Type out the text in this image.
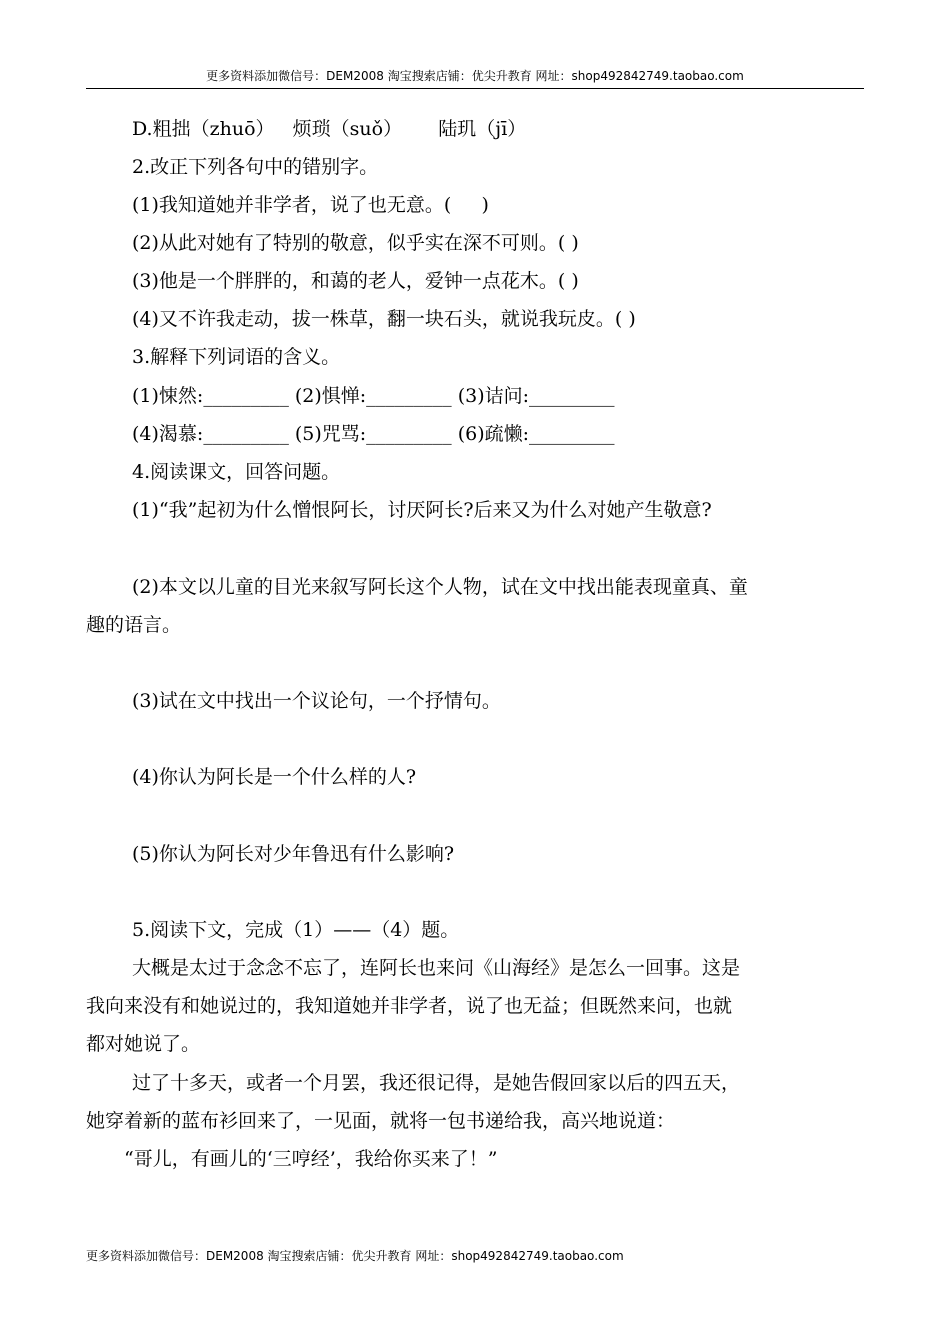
更多资料添加微信号：DEM2008 淘宝搜索店铺：优尖升教育 网址：shop492842749.taobao.com
D.粗拙（zhuō）   烦琐（suǒ）      陆玑（jī）
2.改正下列各句中的错别字。
(1)我知道她并非学者，说了也无意。(     )
(2)从此对她有了特别的敬意，似乎实在深不可则。( )
(3)他是一个胖胖的，和蔼的老人，爱钟一点花木。( )
(4)又不许我走动，拔一株草，翻一块石头，就说我玩皮。( )
3.解释下列词语的含义。
(1)悚然:_________ (2)惧惮:_________ (3)诘问:_________
(4)渴慕:_________ (5)咒骂:_________ (6)疏懒:_________
4.阅读课文，回答问题。
(1)“我”起初为什么憎恨阿长，讨厌阿长?后来又为什么对她产生敬意?
(2)本文以儿童的目光来叙写阿长这个人物，试在文中找出能表现童真、童
趣的语言。
(3)试在文中找出一个议论句，一个抒情句。
(4)你认为阿长是一个什么样的人?
(5)你认为阿长对少年鲁迅有什么影响?
5.阅读下文，完成（1）——（4）题。
大概是太过于念念不忘了，连阿长也来问《山海经》是怎么一回事。这是
我向来没有和她说过的，我知道她并非学者，说了也无益；但既然来问，也就
都对她说了。
过了十多天，或者一个月罢，我还很记得，是她告假回家以后的四五天，
她穿着新的蓝布衫回来了，一见面，就将一包书递给我，高兴地说道：
“哥儿，有画儿的‘三哼经’，我给你买来了！”
更多资料添加微信号：DEM2008 淘宝搜索店铺：优尖升教育 网址：shop492842749.taobao.com
